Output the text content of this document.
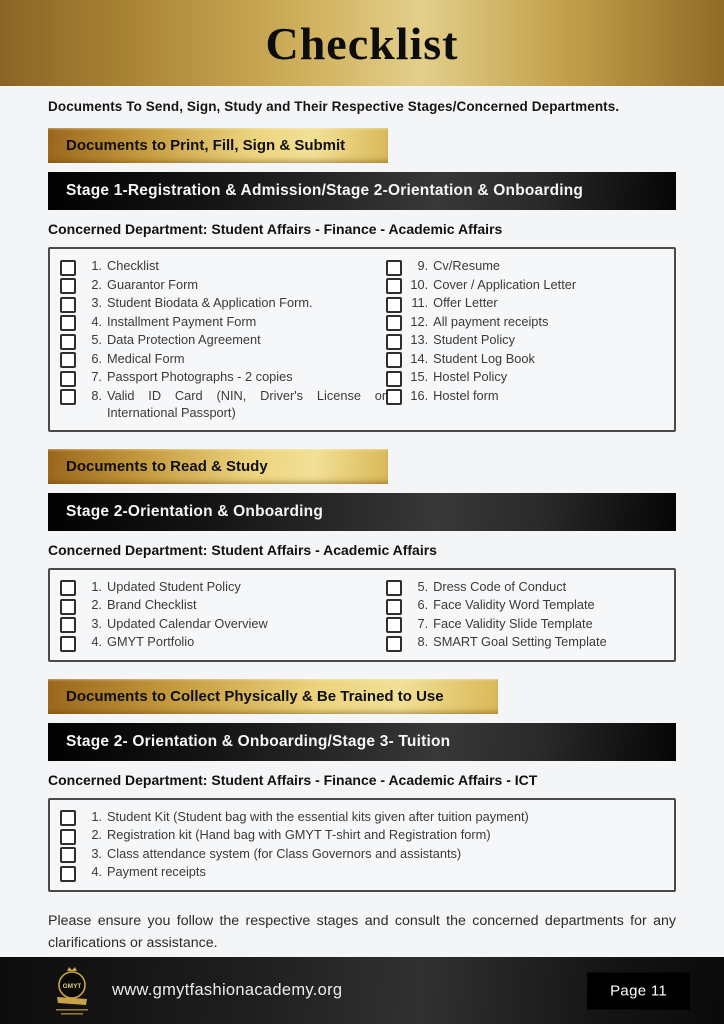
Checklist
Documents To Send, Sign, Study and Their Respective Stages/Concerned Departments.
Documents to Print, Fill, Sign & Submit
Stage 1-Registration & Admission/Stage 2-Orientation & Onboarding
Concerned Department: Student Affairs - Finance - Academic Affairs
1. Checklist
2. Guarantor Form
3. Student Biodata & Application Form.
4. Installment Payment Form
5. Data Protection Agreement
6. Medical Form
7. Passport Photographs - 2 copies
8. Valid ID Card (NIN, Driver's License or International Passport)
9. Cv/Resume
10. Cover / Application Letter
11. Offer Letter
12. All payment receipts
13. Student Policy
14. Student Log Book
15. Hostel Policy
16. Hostel form
Documents to Read & Study
Stage 2-Orientation & Onboarding
Concerned Department: Student Affairs - Academic Affairs
1. Updated Student Policy
2. Brand Checklist
3. Updated Calendar Overview
4. GMYT Portfolio
5. Dress Code of Conduct
6. Face Validity Word Template
7. Face Validity Slide Template
8. SMART Goal Setting Template
Documents to Collect Physically & Be Trained to Use
Stage 2- Orientation & Onboarding/Stage 3- Tuition
Concerned Department: Student Affairs - Finance - Academic Affairs - ICT
1. Student Kit (Student bag with the essential kits given after tuition payment)
2. Registration kit (Hand bag with GMYT T-shirt and Registration form)
3. Class attendance system (for Class Governors and assistants)
4. Payment receipts
Please ensure you follow the respective stages and consult the concerned departments for any clarifications or assistance.
GMYT www.gmytfashionacademy.org	Page 11
